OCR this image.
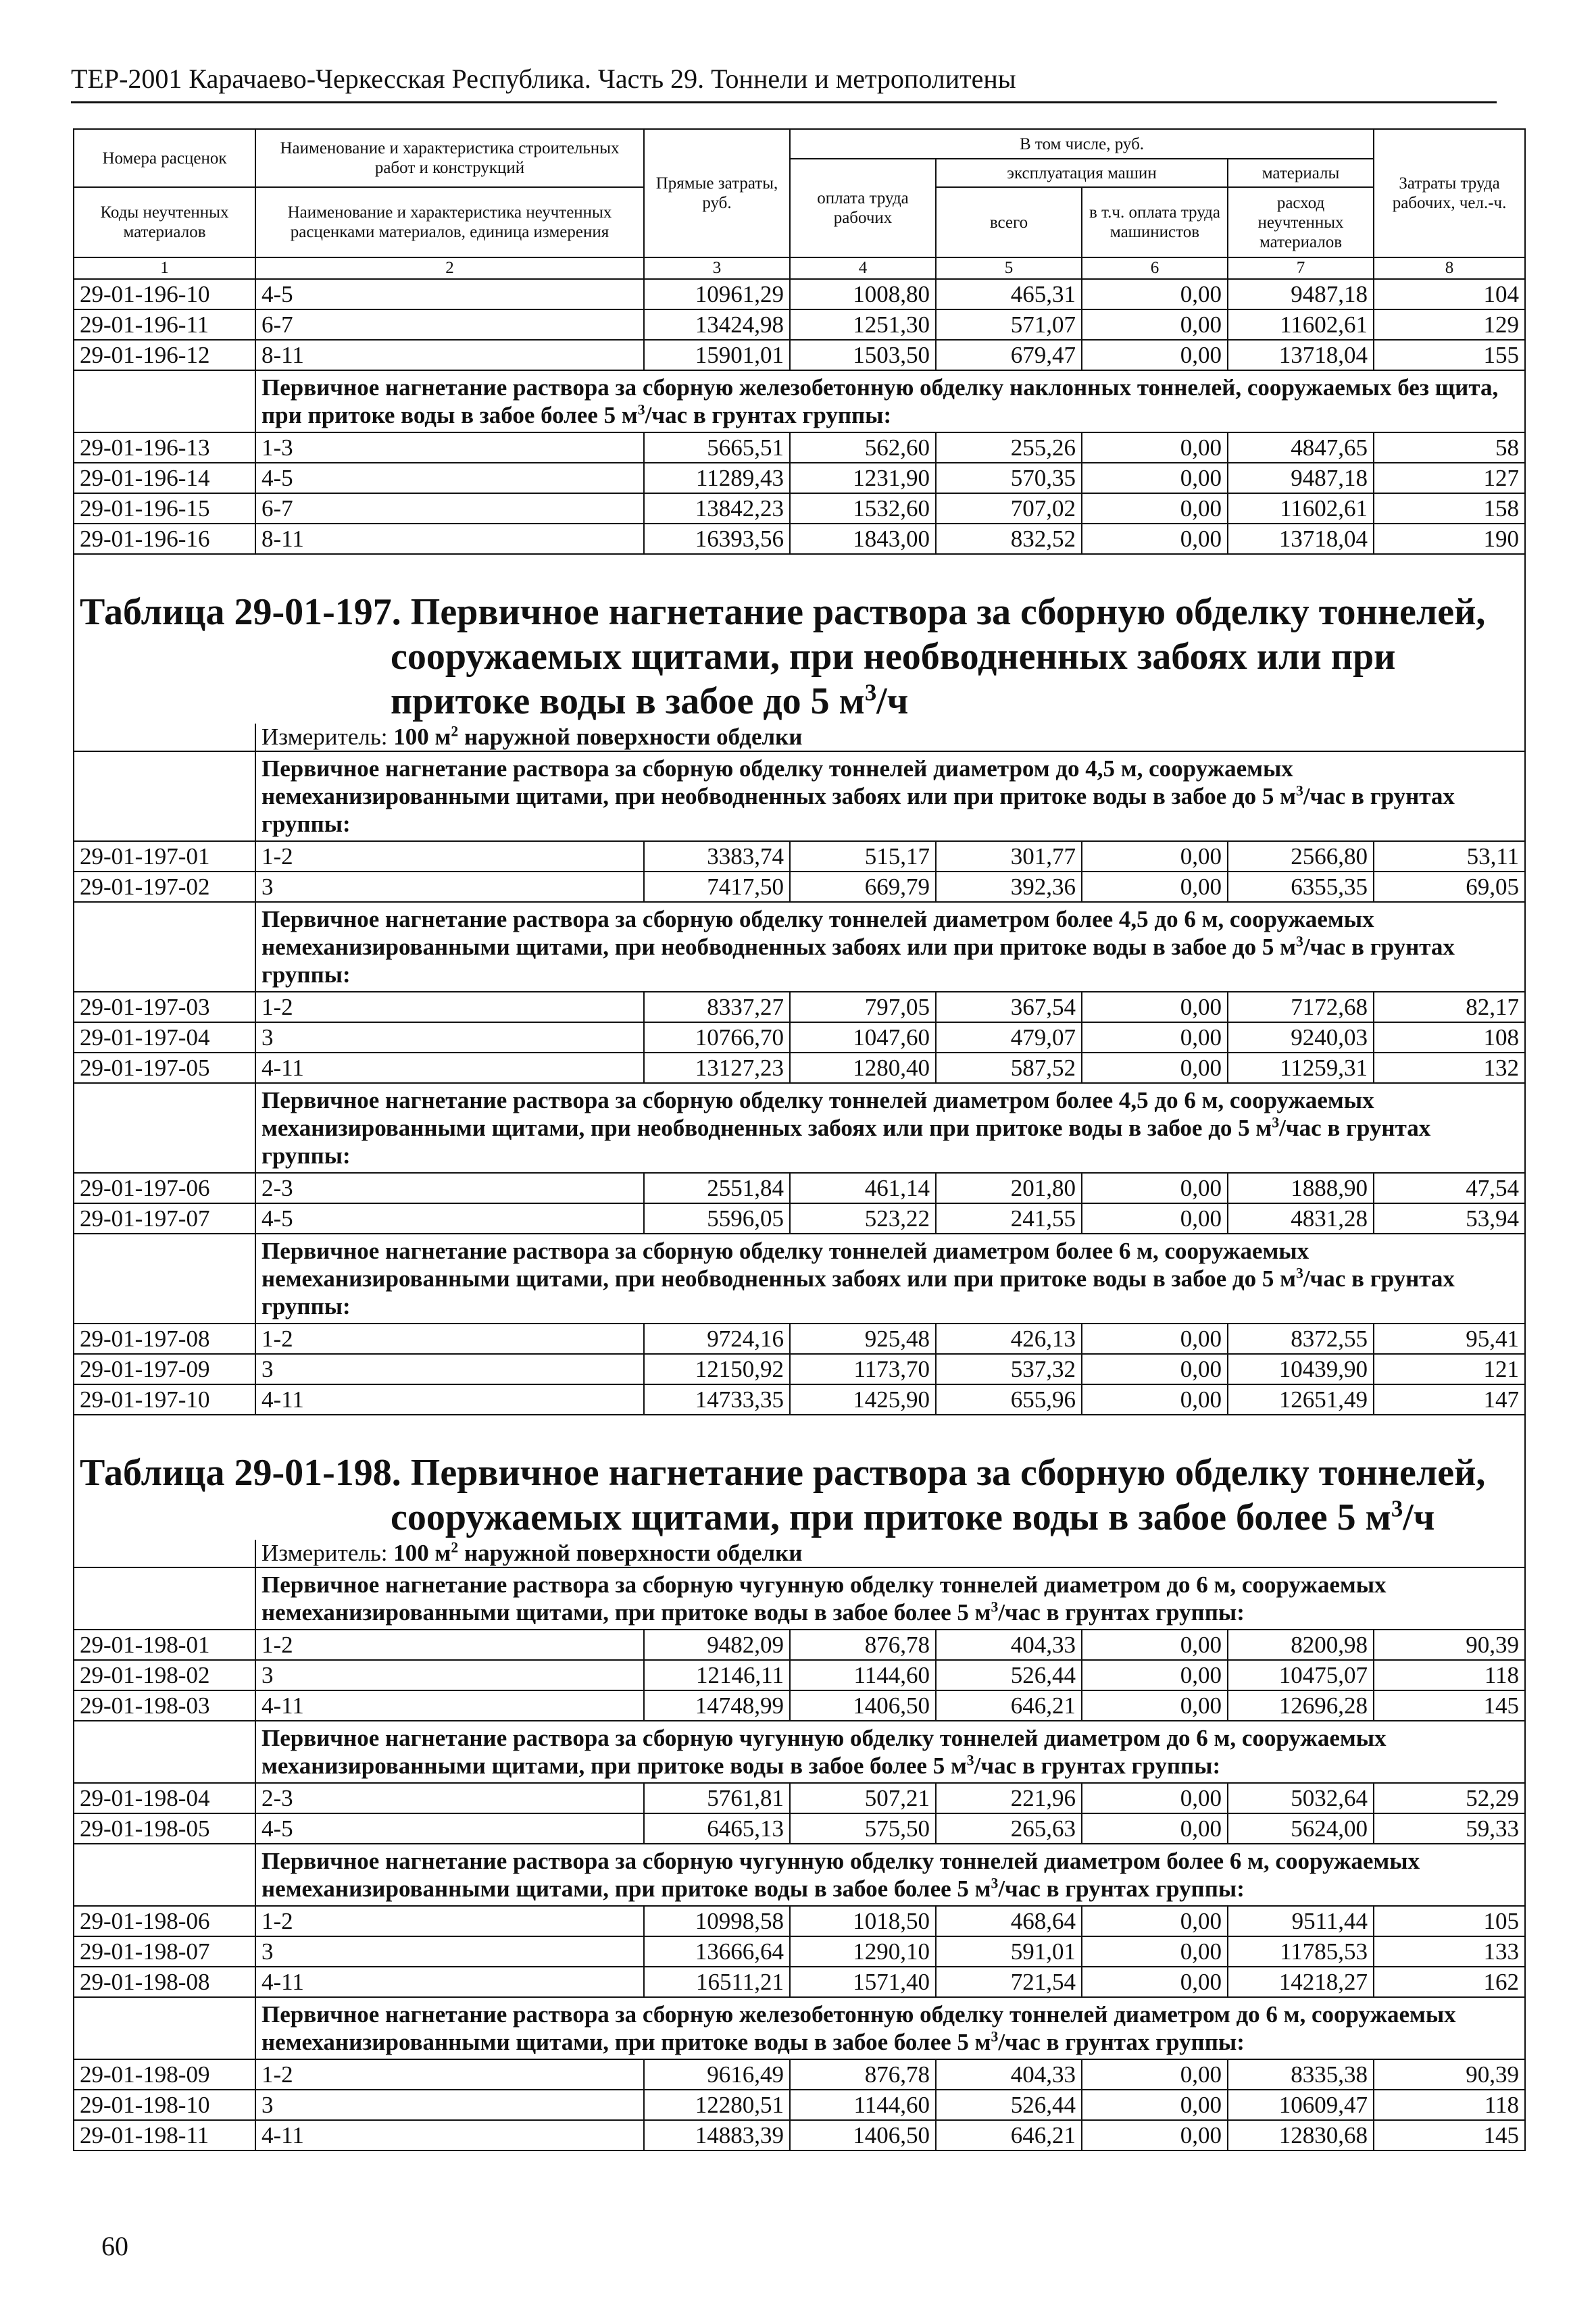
ТЕР-2001 Карачаево-Черкесская Республика. Часть 29. Тоннели и метрополитены
Номера расценок	Наименование и характеристика строительных работ и конструкций	Прямые затраты, руб.	В том числе, руб.				Затраты труда рабочих, чел.-ч.
			оплата труда рабочих	эксплуатация машин		материалы	
Коды неучтенных материалов	Наименование и характеристика неучтенных расценками материалов, единица измерения			всего	в т.ч. оплата труда машинистов	расход неучтенных материалов	
1	2	3	4	5	6	7	8
29-01-196-10	4-5	10961,29	1008,80	465,31	0,00	9487,18	104
29-01-196-11	6-7	13424,98	1251,30	571,07	0,00	11602,61	129
29-01-196-12	8-11	15901,01	1503,50	679,47	0,00	13718,04	155
	Первичное нагнетание раствора за сборную железобетонную обделку наклонных тоннелей, сооружаемых без щита, при притоке воды в забое более 5 $м^3$/час в грунтах группы:						
29-01-196-13	1-3	5665,51	562,60	255,26	0,00	4847,65	58
29-01-196-14	4-5	11289,43	1231,90	570,35	0,00	9487,18	127
29-01-196-15	6-7	13842,23	1532,60	707,02	0,00	11602,61	158
29-01-196-16	8-11	16393,56	1843,00	832,52	0,00	13718,04	190

Таблица 29-01-197. Первичное нагнетание раствора за сборную обделку тоннелей, сооружаемых щитами, при необводненных забоях или при притоке воды в забое до 5 $м^3/ч$							

	Измеритель: 100 $м^2$ наружной поверхности обделки						
	Первичное нагнетание раствора за сборную обделку тоннелей диаметром до 4,5 м, сооружаемых немеханизированными щитами, при необводненных забоях или при притоке воды в забое до 5 $м^3$/час в грунтах группы:						
29-01-197-01	1-2	3383,74	515,17	301,77	0,00	2566,80	53,11
29-01-197-02	3	7417,50	669,79	392,36	0,00	6355,35	69,05
	Первичное нагнетание раствора за сборную обделку тоннелей диаметром более 4,5 до 6 м, сооружаемых немеханизированными щитами, при необводненных забоях или при притоке воды в забое до 5 $м^3$/час в грунтах группы:						
29-01-197-03	1-2	8337,27	797,05	367,54	0,00	7172,68	82,17
29-01-197-04	3	10766,70	1047,60	479,07	0,00	9240,03	108
29-01-197-05	4-11	13127,23	1280,40	587,52	0,00	11259,31	132
	Первичное нагнетание раствора за сборную обделку тоннелей диаметром более 4,5 до 6 м, сооружаемых механизированными щитами, при необводненных забоях или при притоке воды в забое до 5 $м^3$/час в грунтах группы:						
29-01-197-06	2-3	2551,84	461,14	201,80	0,00	1888,90	47,54
29-01-197-07	4-5	5596,05	523,22	241,55	0,00	4831,28	53,94
	Первичное нагнетание раствора за сборную обделку тоннелей диаметром более 6 м, сооружаемых немеханизированными щитами, при необводненных забоях или при притоке воды в забое до 5 $м^3$/час в грунтах группы:						
29-01-197-08	1-2	9724,16	925,48	426,13	0,00	8372,55	95,41
29-01-197-09	3	12150,92	1173,70	537,32	0,00	10439,90	121
29-01-197-10	4-11	14733,35	1425,90	655,96	0,00	12651,49	147

Таблица 29-01-198. Первичное нагнетание раствора за сборную обделку тоннелей, сооружаемых щитами, при притоке воды в забое более 5 $м^3/ч$							

	Измеритель: 100 $м^2$ наружной поверхности обделки						
	Первичное нагнетание раствора за сборную чугунную обделку тоннелей диаметром до 6 м, сооружаемых немеханизированными щитами, при притоке воды в забое более 5 $м^3$/час в грунтах группы:						
29-01-198-01	1-2	9482,09	876,78	404,33	0,00	8200,98	90,39
29-01-198-02	3	12146,11	1144,60	526,44	0,00	10475,07	118
29-01-198-03	4-11	14748,99	1406,50	646,21	0,00	12696,28	145
	Первичное нагнетание раствора за сборную чугунную обделку тоннелей диаметром до 6 м, сооружаемых механизированными щитами, при притоке воды в забое более 5 $м^3$/час в грунтах группы:						
29-01-198-04	2-3	5761,81	507,21	221,96	0,00	5032,64	52,29
29-01-198-05	4-5	6465,13	575,50	265,63	0,00	5624,00	59,33
	Первичное нагнетание раствора за сборную чугунную обделку тоннелей диаметром более 6 м, сооружаемых немеханизированными щитами, при притоке воды в забое более 5 $м^3$/час в грунтах группы:						
29-01-198-06	1-2	10998,58	1018,50	468,64	0,00	9511,44	105
29-01-198-07	3	13666,64	1290,10	591,01	0,00	11785,53	133
29-01-198-08	4-11	16511,21	1571,40	721,54	0,00	14218,27	162
	Первичное нагнетание раствора за сборную железобетонную обделку тоннелей диаметром до 6 м, сооружаемых немеханизированными щитами, при притоке воды в забое более 5 $м^3$/час в грунтах группы:						
29-01-198-09	1-2	9616,49	876,78	404,33	0,00	8335,38	90,39
29-01-198-10	3	12280,51	1144,60	526,44	0,00	10609,47	118
29-01-198-11	4-11	14883,39	1406,50	646,21	0,00	12830,68	145
60
